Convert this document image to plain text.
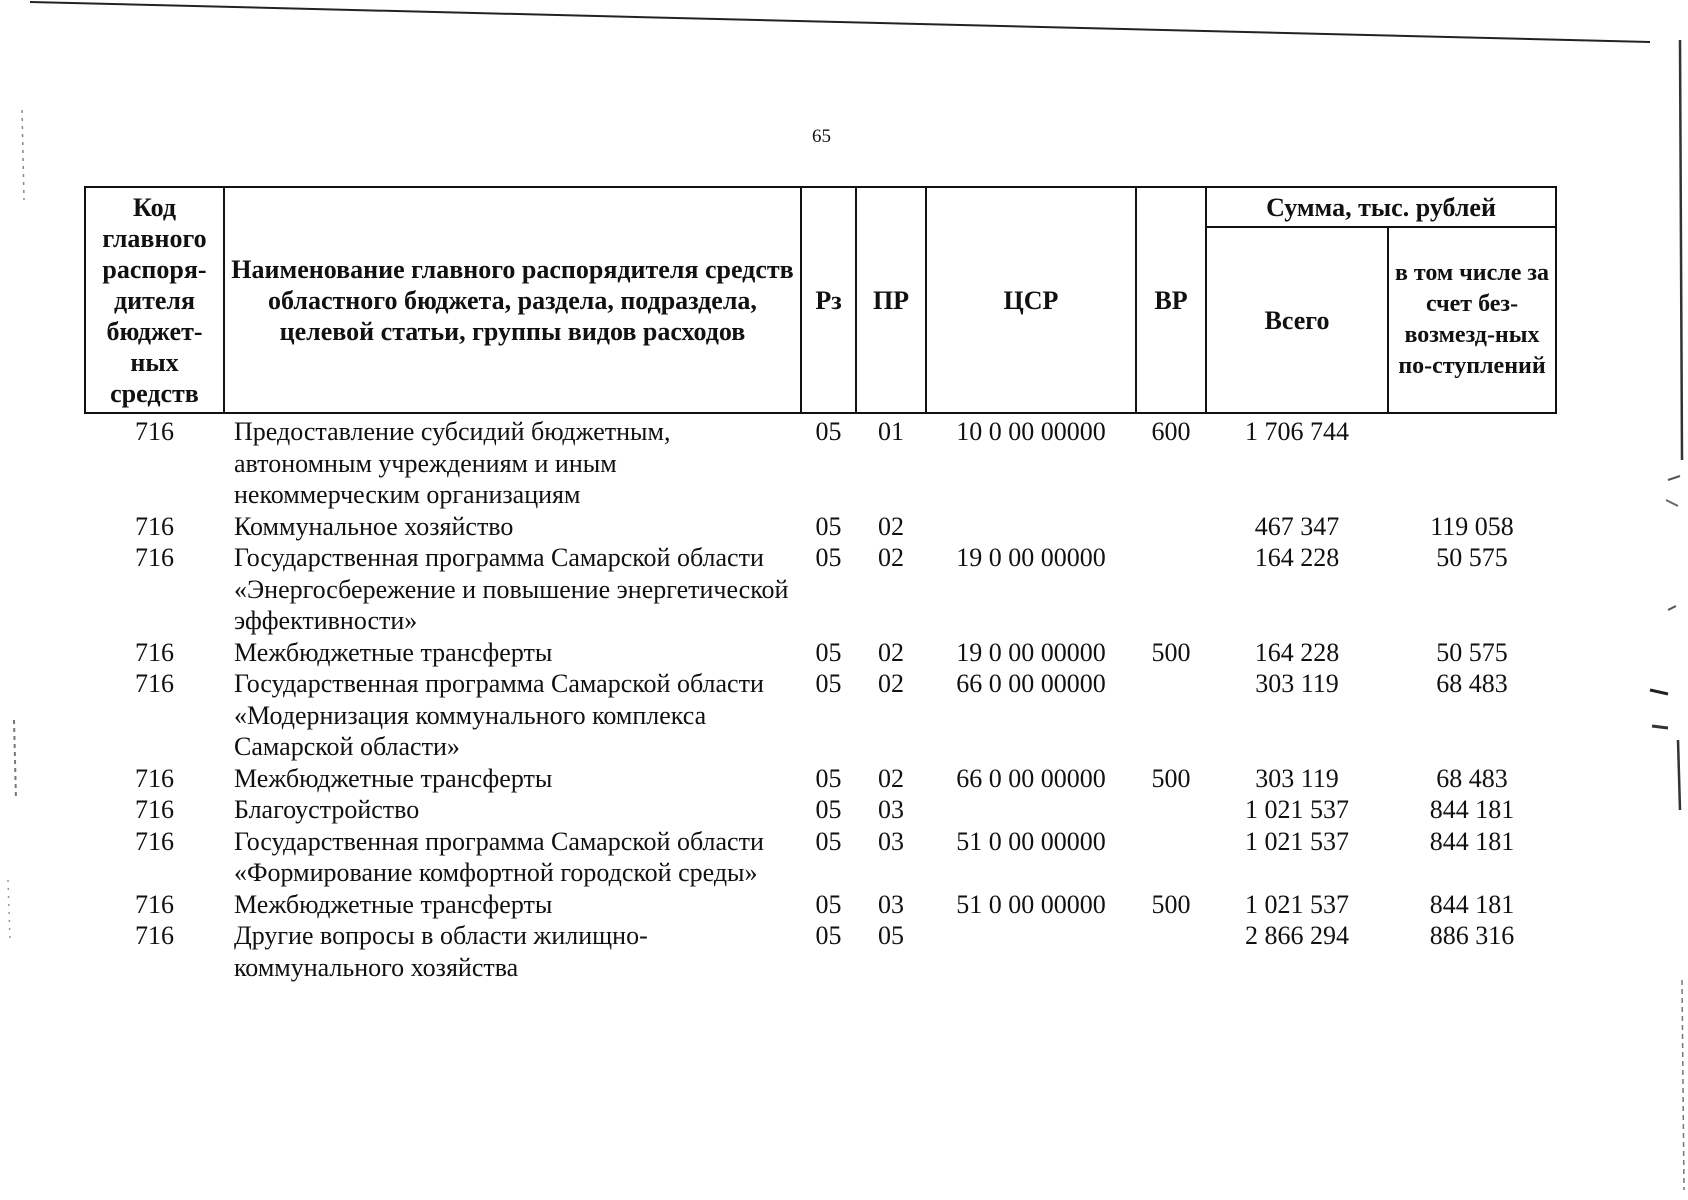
65
Код главного распоря-дителя бюджет-ных средств	Наименование главного распорядителя средств областного бюджета, раздела, подраздела, целевой статьи, группы видов расходов	Рз	ПР	ЦСР	ВР	Сумма, тыс. рублей	
						Всего	в том числе за счет без-возмезд-ных по-ступлений
716	Предоставление субсидий бюджетным, автономным учреждениям и иным некоммерческим организациям	05	01	10 0 00 00000	600	1 706 744	
716	Коммунальное хозяйство	05	02			467 347	119 058
716	Государственная программа Самарской области «Энергосбережение и повышение энергетической эффективности»	05	02	19 0 00 00000		164 228	50 575
716	Межбюджетные трансферты	05	02	19 0 00 00000	500	164 228	50 575
716	Государственная программа Самарской области «Модернизация коммунального комплекса Самарской области»	05	02	66 0 00 00000		303 119	68 483
716	Межбюджетные трансферты	05	02	66 0 00 00000	500	303 119	68 483
716	Благоустройство	05	03			1 021 537	844 181
716	Государственная программа Самарской области «Формирование комфортной городской среды»	05	03	51 0 00 00000		1 021 537	844 181
716	Межбюджетные трансферты	05	03	51 0 00 00000	500	1 021 537	844 181
716	Другие вопросы в области жилищно-коммунального хозяйства	05	05			2 866 294	886 316
